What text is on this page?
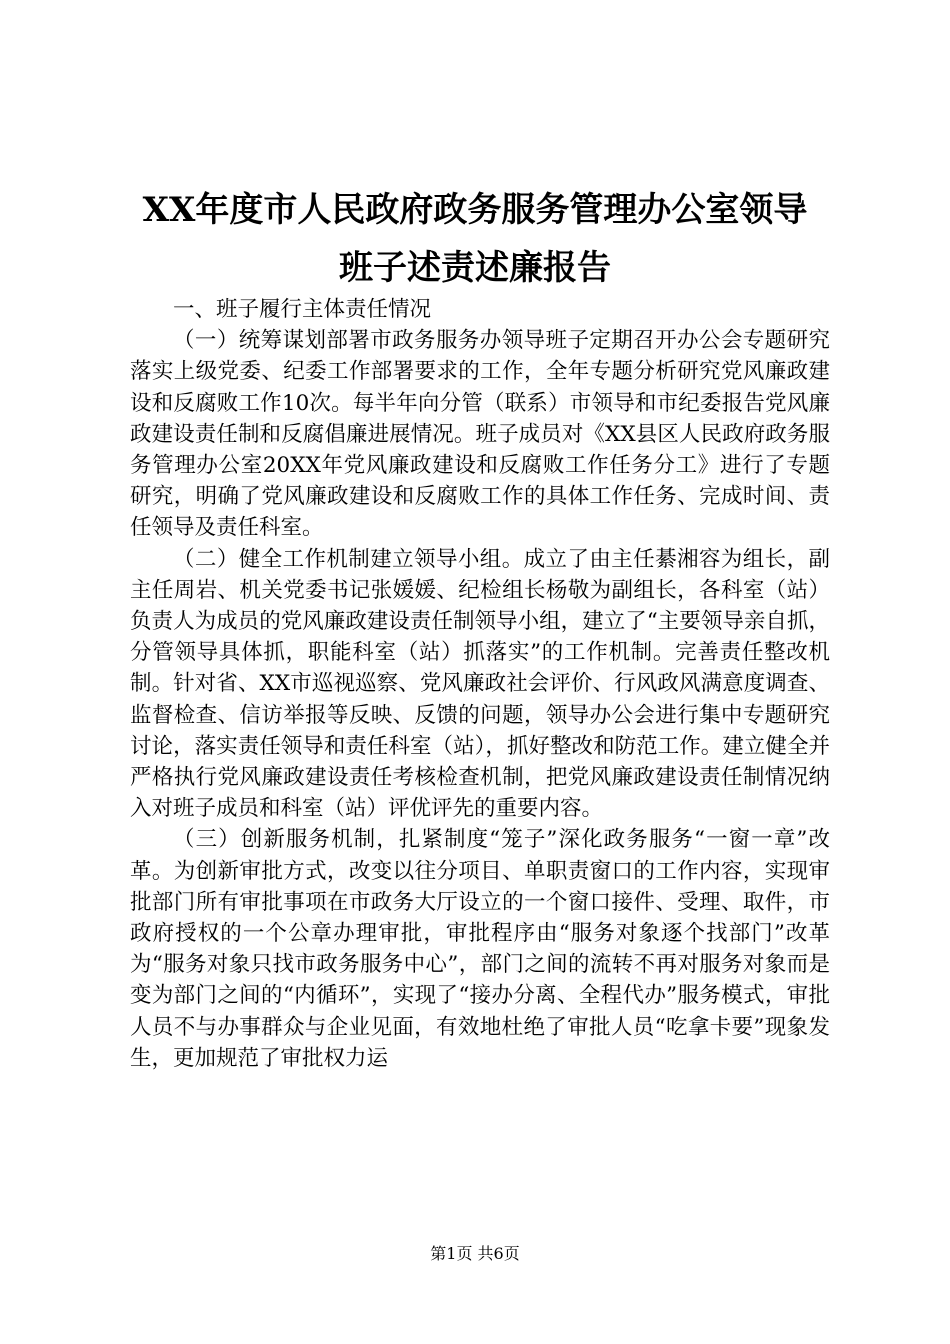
XX年度市人民政府政务服务管理办公室领导
班子述责述廉报告

一、班子履行主体责任情况

（一）统筹谋划部署市政务服务办领导班子定期召开办公会专题研究落实上级党委、纪委工作部署要求的工作，全年专题分析研究党风廉政建设和反腐败工作10次。每半年向分管（联系）市领导和市纪委报告党风廉政建设责任制和反腐倡廉进展情况。班子成员对《XX县区人民政府政务服务管理办公室20XX年党风廉政建设和反腐败工作任务分工》进行了专题研究，明确了党风廉政建设和反腐败工作的具体工作任务、完成时间、责任领导及责任科室。

（二）健全工作机制建立领导小组。成立了由主任綦湘容为组长，副主任周岩、机关党委书记张媛媛、纪检组长杨敬为副组长，各科室（站）负责人为成员的党风廉政建设责任制领导小组，建立了“主要领导亲自抓，分管领导具体抓，职能科室（站）抓落实”的工作机制。完善责任整改机制。针对省、XX市巡视巡察、党风廉政社会评价、行风政风满意度调查、监督检查、信访举报等反映、反馈的问题，领导办公会进行集中专题研究讨论，落实责任领导和责任科室（站），抓好整改和防范工作。建立健全并严格执行党风廉政建设责任考核检查机制，把党风廉政建设责任制情况纳入对班子成员和科室（站）评优评先的重要内容。

（三）创新服务机制，扎紧制度“笼子”深化政务服务“一窗一章”改革。为创新审批方式，改变以往分项目、单职责窗口的工作内容，实现审批部门所有审批事项在市政务大厅设立的一个窗口接件、受理、取件，市政府授权的一个公章办理审批，审批程序由“服务对象逐个找部门”改革为“服务对象只找市政务服务中心”，部门之间的流转不再对服务对象而是变为部门之间的“内循环”，实现了“接办分离、全程代办”服务模式，审批人员不与办事群众与企业见面，有效地杜绝了审批人员“吃拿卡要”现象发生，更加规范了审批权力运

第1页 共6页
